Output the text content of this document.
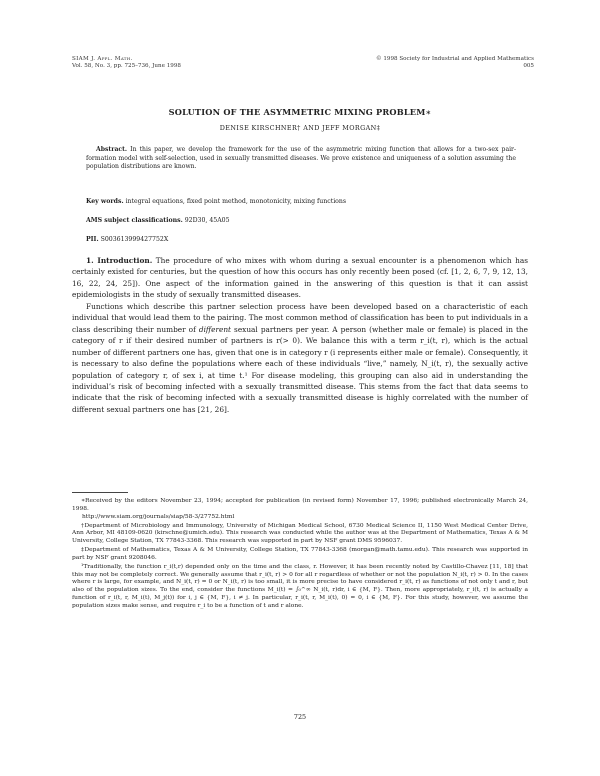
SIAM J. Appl. Math.
Vol. 58, No. 3, pp. 725–736, June 1998
© 1998 Society for Industrial and Applied Mathematics
005
SOLUTION OF THE ASYMMETRIC MIXING PROBLEM∗
DENISE KIRSCHNER† AND JEFF MORGAN‡
Abstract. In this paper, we develop the framework for the use of the asymmetric mixing function that allows for a two-sex pair-formation model with self-selection, used in sexually transmitted diseases. We prove existence and uniqueness of a solution assuming the population distributions are known.
Key words. integral equations, fixed point method, monotonicity, mixing functions
AMS subject classifications. 92D30, 45A05
PII. S003613999427752X

1. Introduction. The procedure of who mixes with whom during a sexual encounter is a phenomenon which has certainly existed for centuries, but the question of how this occurs has only recently been posed (cf. [1, 2, 6, 7, 9, 12, 13, 16, 22, 24, 25]). One aspect of the information gained in the answering of this question is that it can assist epidemiologists in the study of sexually transmitted diseases.

Functions which describe this partner selection process have been developed based on a characteristic of each individual that would lead them to the pairing. The most common method of classification has been to put individuals in a class describing their number of different sexual partners per year. A person (whether male or female) is placed in the category of r if their desired number of partners is r(> 0). We balance this with a term r_i(t, r), which is the actual number of different partners one has, given that one is in category r (i represents either male or female). Consequently, it is necessary to also define the populations where each of these individuals “live,” namely, N_i(t, r), the sexually active population of category r, of sex i, at time t.¹ For disease modeling, this grouping can also aid in understanding the individual’s risk of becoming infected with a sexually transmitted disease. This stems from the fact that data seems to indicate that the risk of becoming infected with a sexually transmitted disease is highly correlated with the number of different sexual partners one has [21, 26].

∗Received by the editors November 23, 1994; accepted for publication (in revised form) November 17, 1996; published electronically March 24, 1998.
http://www.siam.org/journals/siap/58-3/27752.html

†Department of Microbiology and Immunology, University of Michigan Medical School, 6730 Medical Science II, 1150 West Medical Center Drive, Ann Arbor, MI 48109-0620 (kirschne@umich.edu). This research was conducted while the author was at the Department of Mathematics, Texas A & M University, College Station, TX 77843-3368. This research was supported in part by NSF grant DMS 9596037.

‡Department of Mathematics, Texas A & M University, College Station, TX 77843-3368 (morgan@math.tamu.edu). This research was supported in part by NSF grant 9208046.

¹Traditionally, the function r_i(t,r) depended only on the time and the class, r. However, it has been recently noted by Castillo-Chavez [11, 18] that this may not be completely correct. We generally assume that r_i(t, r) > 0 for all r regardless of whether or not the population N_i(t, r) > 0. In the cases where r is large, for example, and N_i(t, r) = 0 or N_i(t, r) is too small, it is more precise to have considered r_i(t, r) as functions of not only t and r, but also of the population sizes. To the end, consider the functions M_i(t) = ∫₀^∞ N_i(t, r)dr, i ∈ {M, F}. Then, more appropriately, r_i(t, r) is actually a function of r_i(t, r, M_i(t), M_j(t)) for i, j ∈ {M, F}, i ≠ j. In particular, r_i(t, r, M_i(t), 0) = 0, i ∈ {M, F}. For this study, however, we assume the population sizes make sense, and require r_i to be a function of t and r alone.

725
